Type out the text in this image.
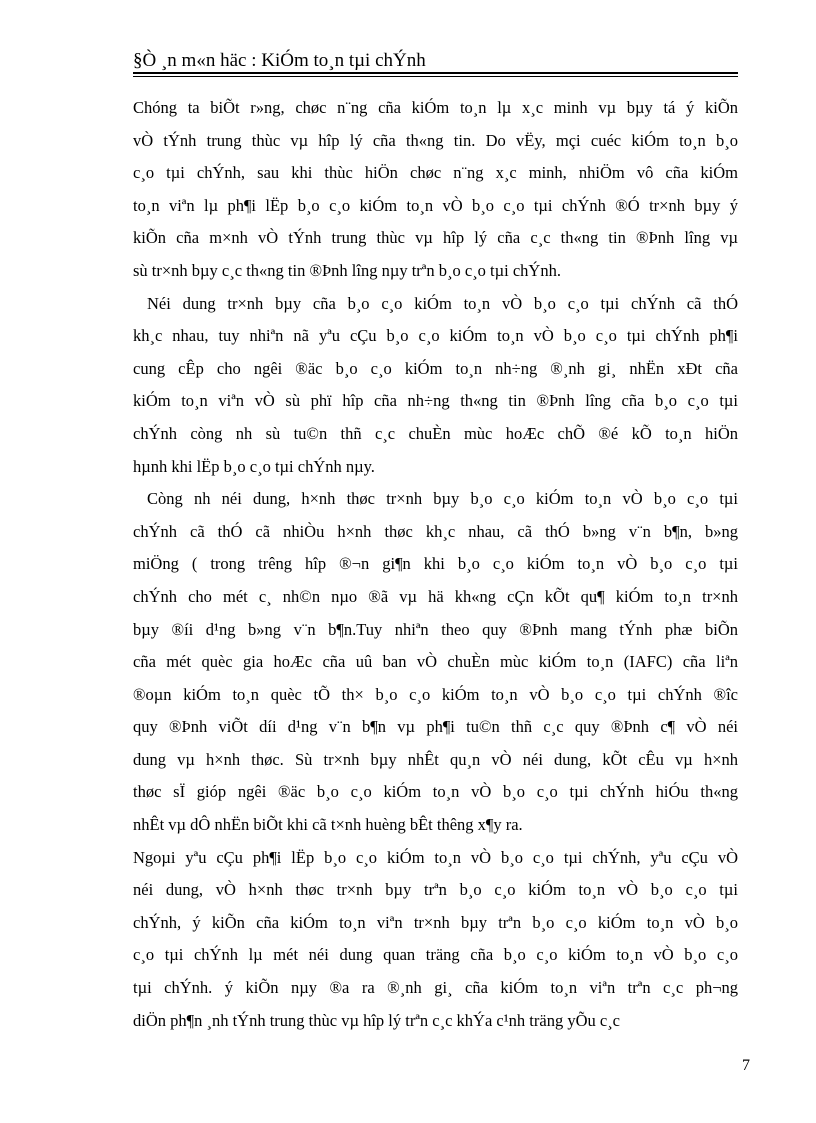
§Ò ¸n m«n häc : KiÓm to¸n tµi chÝnh
Chóng ta biÕt r»ng, chøc n¨ng cña kiÓm to¸n lµ x¸c minh vµ bµy tá ý kiÕn
vÒ tÝnh trung thùc vµ hîp lý cña th«ng tin. Do vËy, mçi cuéc kiÓm to¸n b¸o
c¸o tµi chÝnh, sau khi thùc hiÖn chøc n¨ng x¸c minh, nhiÖm vô cña kiÓm
to¸n viªn lµ ph¶i lËp b¸o c¸o kiÓm to¸n vÒ b¸o c¸o tµi chÝnh ®Ó tr×nh bµy ý
kiÕn cña m×nh vÒ tÝnh trung thùc vµ hîp lý cña c¸c th«ng tin ®Þnh lîng vµ
sù tr×nh bµy c¸c th«ng tin ®Þnh lîng nµy trªn b¸o c¸o tµi chÝnh.
Néi dung tr×nh bµy cña b¸o c¸o kiÓm to¸n vÒ b¸o c¸o tµi chÝnh cã thÓ
kh¸c nhau, tuy nhiªn nã yªu cÇu b¸o c¸o kiÓm to¸n vÒ b¸o c¸o tµi chÝnh ph¶i
cung cÊp cho ngêi ®äc b¸o c¸o kiÓm to¸n nh÷ng ®¸nh gi¸ nhËn xÐt cña
kiÓm to¸n viªn vÒ sù phï hîp cña nh÷ng th«ng tin ®Þnh lîng cña b¸o c¸o tµi
chÝnh còng nh sù tu©n thñ c¸c chuÈn mùc hoÆc chÕ ®é kÕ to¸n hiÖn
hµnh khi lËp b¸o c¸o tµi chÝnh nµy.
Còng nh néi dung, h×nh thøc tr×nh bµy b¸o c¸o kiÓm to¸n vÒ b¸o c¸o tµi
chÝnh cã thÓ cã nhiÒu h×nh thøc kh¸c nhau, cã thÓ b»ng v¨n b¶n, b»ng
miÖng ( trong trêng hîp ®¬n gi¶n khi b¸o c¸o kiÓm to¸n vÒ b¸o c¸o tµi
chÝnh cho mét c¸ nh©n nµo ®ã vµ hä kh«ng cÇn kÕt qu¶ kiÓm to¸n tr×nh
bµy ®íi d¹ng b»ng v¨n b¶n.Tuy nhiªn theo quy ®Þnh mang tÝnh phæ biÕn
cña mét quèc gia hoÆc cña uû ban vÒ chuÈn mùc kiÓm to¸n (IAFC) cña liªn
®oµn kiÓm to¸n quèc tÕ th× b¸o c¸o kiÓm to¸n vÒ b¸o c¸o tµi chÝnh ®îc
quy ®Þnh viÕt díi d¹ng v¨n b¶n vµ ph¶i tu©n thñ c¸c quy ®Þnh c¶ vÒ néi
dung vµ h×nh thøc. Sù tr×nh bµy nhÊt qu¸n vÒ néi dung, kÕt cÊu vµ h×nh
thøc sÏ gióp ngêi ®äc b¸o c¸o kiÓm to¸n vÒ b¸o c¸o tµi chÝnh hiÓu th«ng
nhÊt vµ dÔ nhËn biÕt khi cã t×nh huèng bÊt thêng x¶y ra.
Ngoµi yªu cÇu ph¶i lËp b¸o c¸o kiÓm to¸n vÒ b¸o c¸o tµi chÝnh, yªu cÇu vÒ
néi dung, vÒ h×nh thøc tr×nh bµy trªn b¸o c¸o kiÓm to¸n vÒ b¸o c¸o tµi
chÝnh, ý kiÕn cña kiÓm to¸n viªn tr×nh bµy trªn b¸o c¸o kiÓm to¸n vÒ b¸o
c¸o tµi chÝnh lµ mét néi dung quan träng cña b¸o c¸o kiÓm to¸n vÒ b¸o c¸o
tµi chÝnh. ý kiÕn nµy ®a ra ®¸nh gi¸ cña kiÓm to¸n viªn trªn c¸c ph¬ng
diÖn ph¶n ¸nh tÝnh trung thùc vµ hîp lý trªn c¸c khÝa c¹nh träng yÕu c¸c
7
